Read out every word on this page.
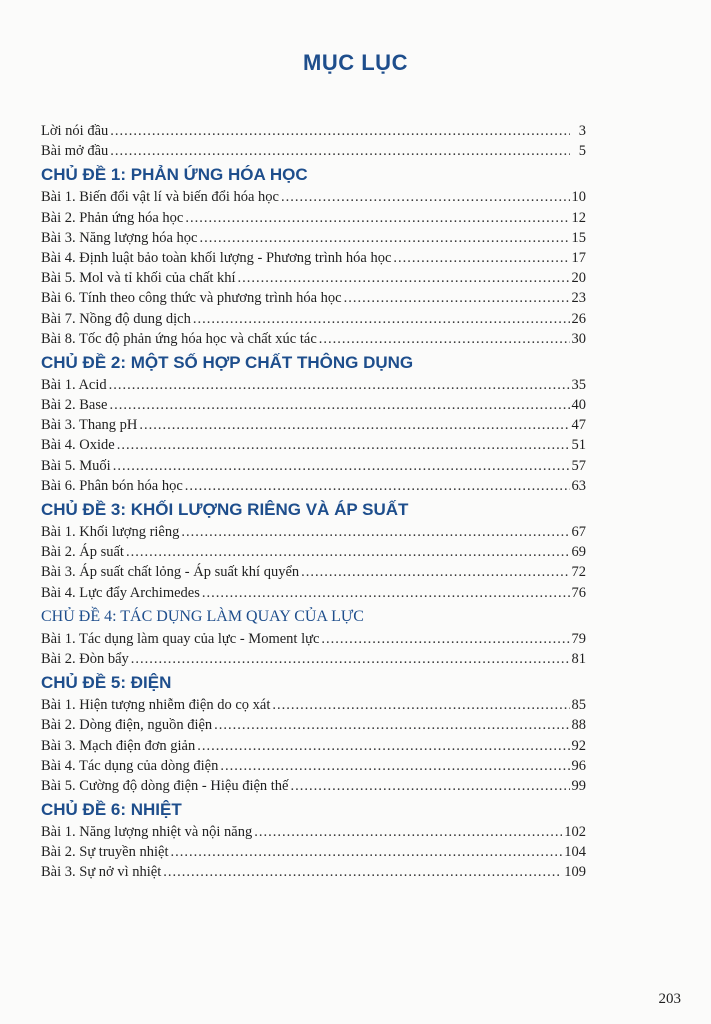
MỤC LỤC
Lời nói đầu .....	3
Bài mở đầu .....	5
CHỦ ĐỀ 1: PHẢN ỨNG HÓA HỌC
Bài 1. Biến đổi vật lí và biến đổi hóa học .....	10
Bài 2. Phản ứng hóa học .....	12
Bài 3. Năng lượng hóa học .....	15
Bài 4. Định luật bảo toàn khối lượng - Phương trình hóa học .....	17
Bài 5. Mol và tỉ khối của chất khí .....	20
Bài 6. Tính theo công thức và phương trình hóa học .....	23
Bài 7. Nồng độ dung dịch .....	26
Bài 8. Tốc độ phản ứng hóa học và chất xúc tác .....	30
CHỦ ĐỀ 2: MỘT SỐ HỢP CHẤT THÔNG DỤNG
Bài 1. Acid .....	35
Bài 2. Base .....	40
Bài 3. Thang pH .....	47
Bài 4. Oxide .....	51
Bài 5. Muối .....	57
Bài 6. Phân bón hóa học .....	63
CHỦ ĐỀ 3: KHỐI LƯỢNG RIÊNG VÀ ÁP SUẤT
Bài 1. Khối lượng riêng .....	67
Bài 2. Áp suất .....	69
Bài 3. Áp suất chất lỏng - Áp suất khí quyển .....	72
Bài 4. Lực đẩy Archimedes .....	76
CHỦ ĐỀ 4: TÁC DỤNG LÀM QUAY CỦA LỰC
Bài 1. Tác dụng làm quay của lực - Moment lực .....	79
Bài 2. Đòn bẩy .....	81
CHỦ ĐỀ 5: ĐIỆN
Bài 1. Hiện tượng nhiễm điện do cọ xát .....	85
Bài 2. Dòng điện, nguồn điện .....	88
Bài 3. Mạch điện đơn giản .....	92
Bài 4. Tác dụng của dòng điện .....	96
Bài 5. Cường độ dòng điện - Hiệu điện thế .....	99
CHỦ ĐỀ 6: NHIỆT
Bài 1. Năng lượng nhiệt và nội năng .....	102
Bài 2. Sự truyền nhiệt .....	104
Bài 3. Sự nở vì nhiệt .....	109
203
